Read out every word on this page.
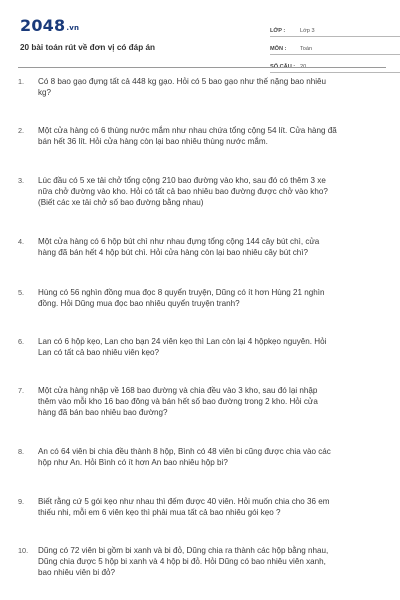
2048.vn
20 bài toán rút về đơn vị có đáp án
LỚP :	Lớp 3
MÔN :	Toán
SỐ CÂU : 20
1.	Có 8 bao gạo đựng tất cả 448 kg gạo. Hỏi có 5 bao gạo như thế nặng bao nhiêu
kg?
2.	Một cửa hàng có 6 thùng nước mắm như nhau chứa tổng cộng 54 lít. Cửa hàng đã
bán hết 36 lít. Hỏi cửa hàng còn lại bao nhiêu thùng nước mắm.
3.	Lúc đầu có 5 xe tải chở tổng cộng 210 bao đường vào kho, sau đó có thêm 3 xe
nữa chở đường vào kho. Hỏi có tất cả bao nhiêu bao đường được chở vào kho?
(Biết các xe tải chở số bao đường bằng nhau)
4.	Một cửa hàng có 6 hộp bút chì như nhau đựng tổng cộng 144 cây bút chì, cửa
hàng đã bán hết 4 hộp bút chì. Hỏi cửa hàng còn lại bao nhiêu cây bút chì?
5.	Hùng có 56 nghìn đồng mua đọc 8 quyển truyện, Dũng có ít hơn Hùng 21 nghìn
đồng. Hỏi Dũng mua đọc bao nhiêu quyển truyện tranh?
6.	Lan có 6 hộp kẹo, Lan cho bạn 24 viên kẹo thì Lan còn lại 4 hộpkẹo nguyên. Hỏi
Lan có tất cả bao nhiêu viên kẹo?
7.	Một cửa hàng nhập về 168 bao đường và chia đều vào 3 kho, sau đó lại nhập
thêm vào mỗi kho 16 bao đông và bán hết số bao đường trong 2 kho. Hỏi cửa
hàng đã bán bao nhiêu bao đường?
8.	An có 64 viên bi chia đều thành 8 hộp, Bình có 48 viên bi cũng được chia vào các
hộp như An. Hỏi Bình có ít hơn An bao nhiêu hộp bi?
9.	Biết rằng cứ 5 gói kẹo như nhau thì đếm được 40 viên. Hỏi muốn chia cho 36 em
thiếu nhi, mỗi em 6 viên kẹo thì phải mua tất cả bao nhiêu gói kẹo ?
10.	Dũng có 72 viên bi gồm bi xanh và bi đỏ, Dũng chia ra thành các hộp bằng nhau,
Dũng chia được 5 hộp bi xanh và 4 hộp bi đỏ. Hỏi Dũng có bao nhiêu viên xanh,
bao nhiêu viên bi đỏ?
